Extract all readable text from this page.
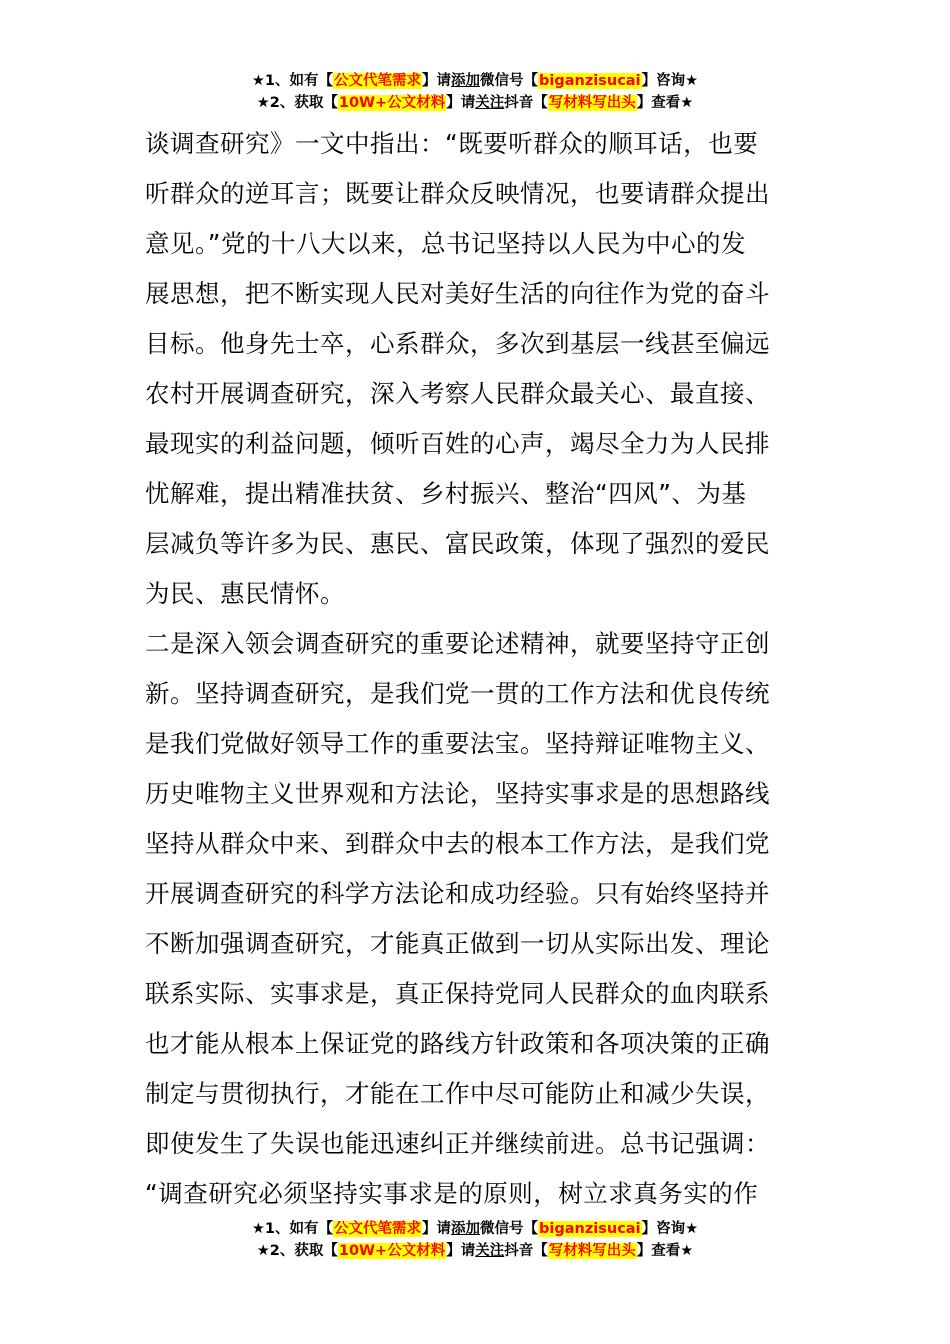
★1、如有【公文代笔需求】请添加微信号【biganzisucai】咨询★
★2、获取【10W+公文材料】请关注抖音【写材料写出头】查看★
谈调查研究》一文中指出：“既要听群众的顺耳话，也要
听群众的逆耳言；既要让群众反映情况，也要请群众提出
意见。”党的十八大以来，总书记坚持以人民为中心的发
展思想，把不断实现人民对美好生活的向往作为党的奋斗
目标。他身先士卒，心系群众，多次到基层一线甚至偏远
农村开展调查研究，深入考察人民群众最关心、最直接、
最现实的利益问题，倾听百姓的心声，竭尽全力为人民排
忧解难，提出精准扶贫、乡村振兴、整治“四风”、为基
层减负等许多为民、惠民、富民政策，体现了强烈的爱民
为民、惠民情怀。
二是深入领会调查研究的重要论述精神，就要坚持守正创
新。坚持调查研究，是我们党一贯的工作方法和优良传统
是我们党做好领导工作的重要法宝。坚持辩证唯物主义、
历史唯物主义世界观和方法论，坚持实事求是的思想路线
坚持从群众中来、到群众中去的根本工作方法，是我们党
开展调查研究的科学方法论和成功经验。只有始终坚持并
不断加强调查研究，才能真正做到一切从实际出发、理论
联系实际、实事求是，真正保持党同人民群众的血肉联系
也才能从根本上保证党的路线方针政策和各项决策的正确
制定与贯彻执行，才能在工作中尽可能防止和减少失误，
即使发生了失误也能迅速纠正并继续前进。总书记强调：
“调查研究必须坚持实事求是的原则，树立求真务实的作
★1、如有【公文代笔需求】请添加微信号【biganzisucai】咨询★
★2、获取【10W+公文材料】请关注抖音【写材料写出头】查看★
